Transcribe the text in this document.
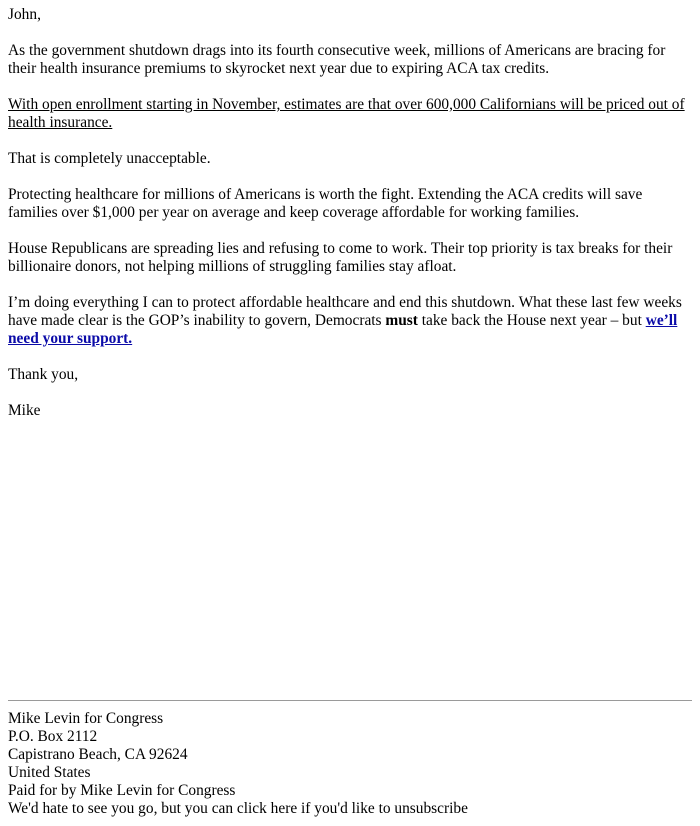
John,

As the government shutdown drags into its fourth consecutive week, millions of Americans are bracing for their health insurance premiums to skyrocket next year due to expiring ACA tax credits.

With open enrollment starting in November, estimates are that over 600,000 Californians will be priced out of health insurance.

That is completely unacceptable.

Protecting healthcare for millions of Americans is worth the fight. Extending the ACA credits will save families over $1,000 per year on average and keep coverage affordable for working families.

House Republicans are spreading lies and refusing to come to work. Their top priority is tax breaks for their billionaire donors, not helping millions of struggling families stay afloat.

I’m doing everything I can to protect affordable healthcare and end this shutdown. What these last few weeks have made clear is the GOP’s inability to govern, Democrats must take back the House next year – but we’ll need your support.

Thank you,

Mike

Mike Levin for Congress
P.O. Box 2112
Capistrano Beach, CA 92624
United States
Paid for by Mike Levin for Congress
We'd hate to see you go, but you can click here if you'd like to unsubscribe
